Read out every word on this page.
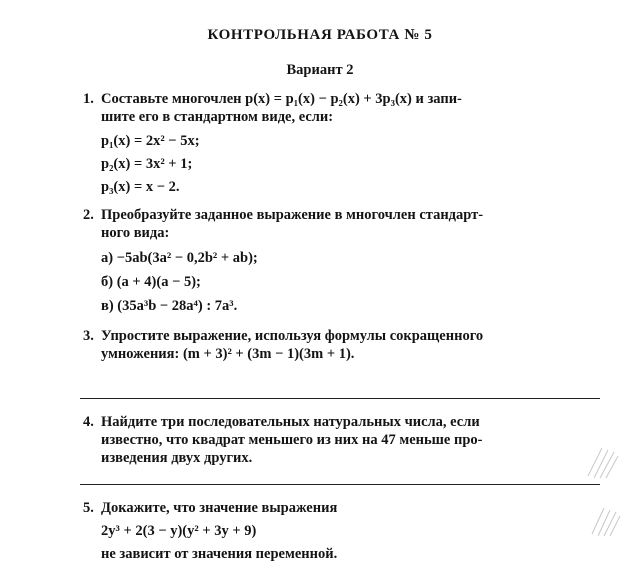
КОНТРОЛЬНАЯ РАБОТА № 5
Вариант 2
1. Составьте многочлен p(x) = p₁(x) − p₂(x) + 3p₃(x) и запи-
шите его в стандартном виде, если:
p₁(x) = 2x² − 5x;
p₂(x) = 3x² + 1;
p₃(x) = x − 2.
2. Преобразуйте заданное выражение в многочлен стандарт-
ного вида:
а) −5ab(3a² − 0,2b² + ab);
б) (a + 4)(a − 5);
в) (35a³b − 28a⁴) : 7a³.
3. Упростите выражение, используя формулы сокращенного
умножения: (m + 3)² + (3m − 1)(3m + 1).
4. Найдите три последовательных натуральных числа, если
известно, что квадрат меньшего из них на 47 меньше про-
изведения двух других.
5. Докажите, что значение выражения
2y³ + 2(3 − y)(y² + 3y + 9)
не зависит от значения переменной.
